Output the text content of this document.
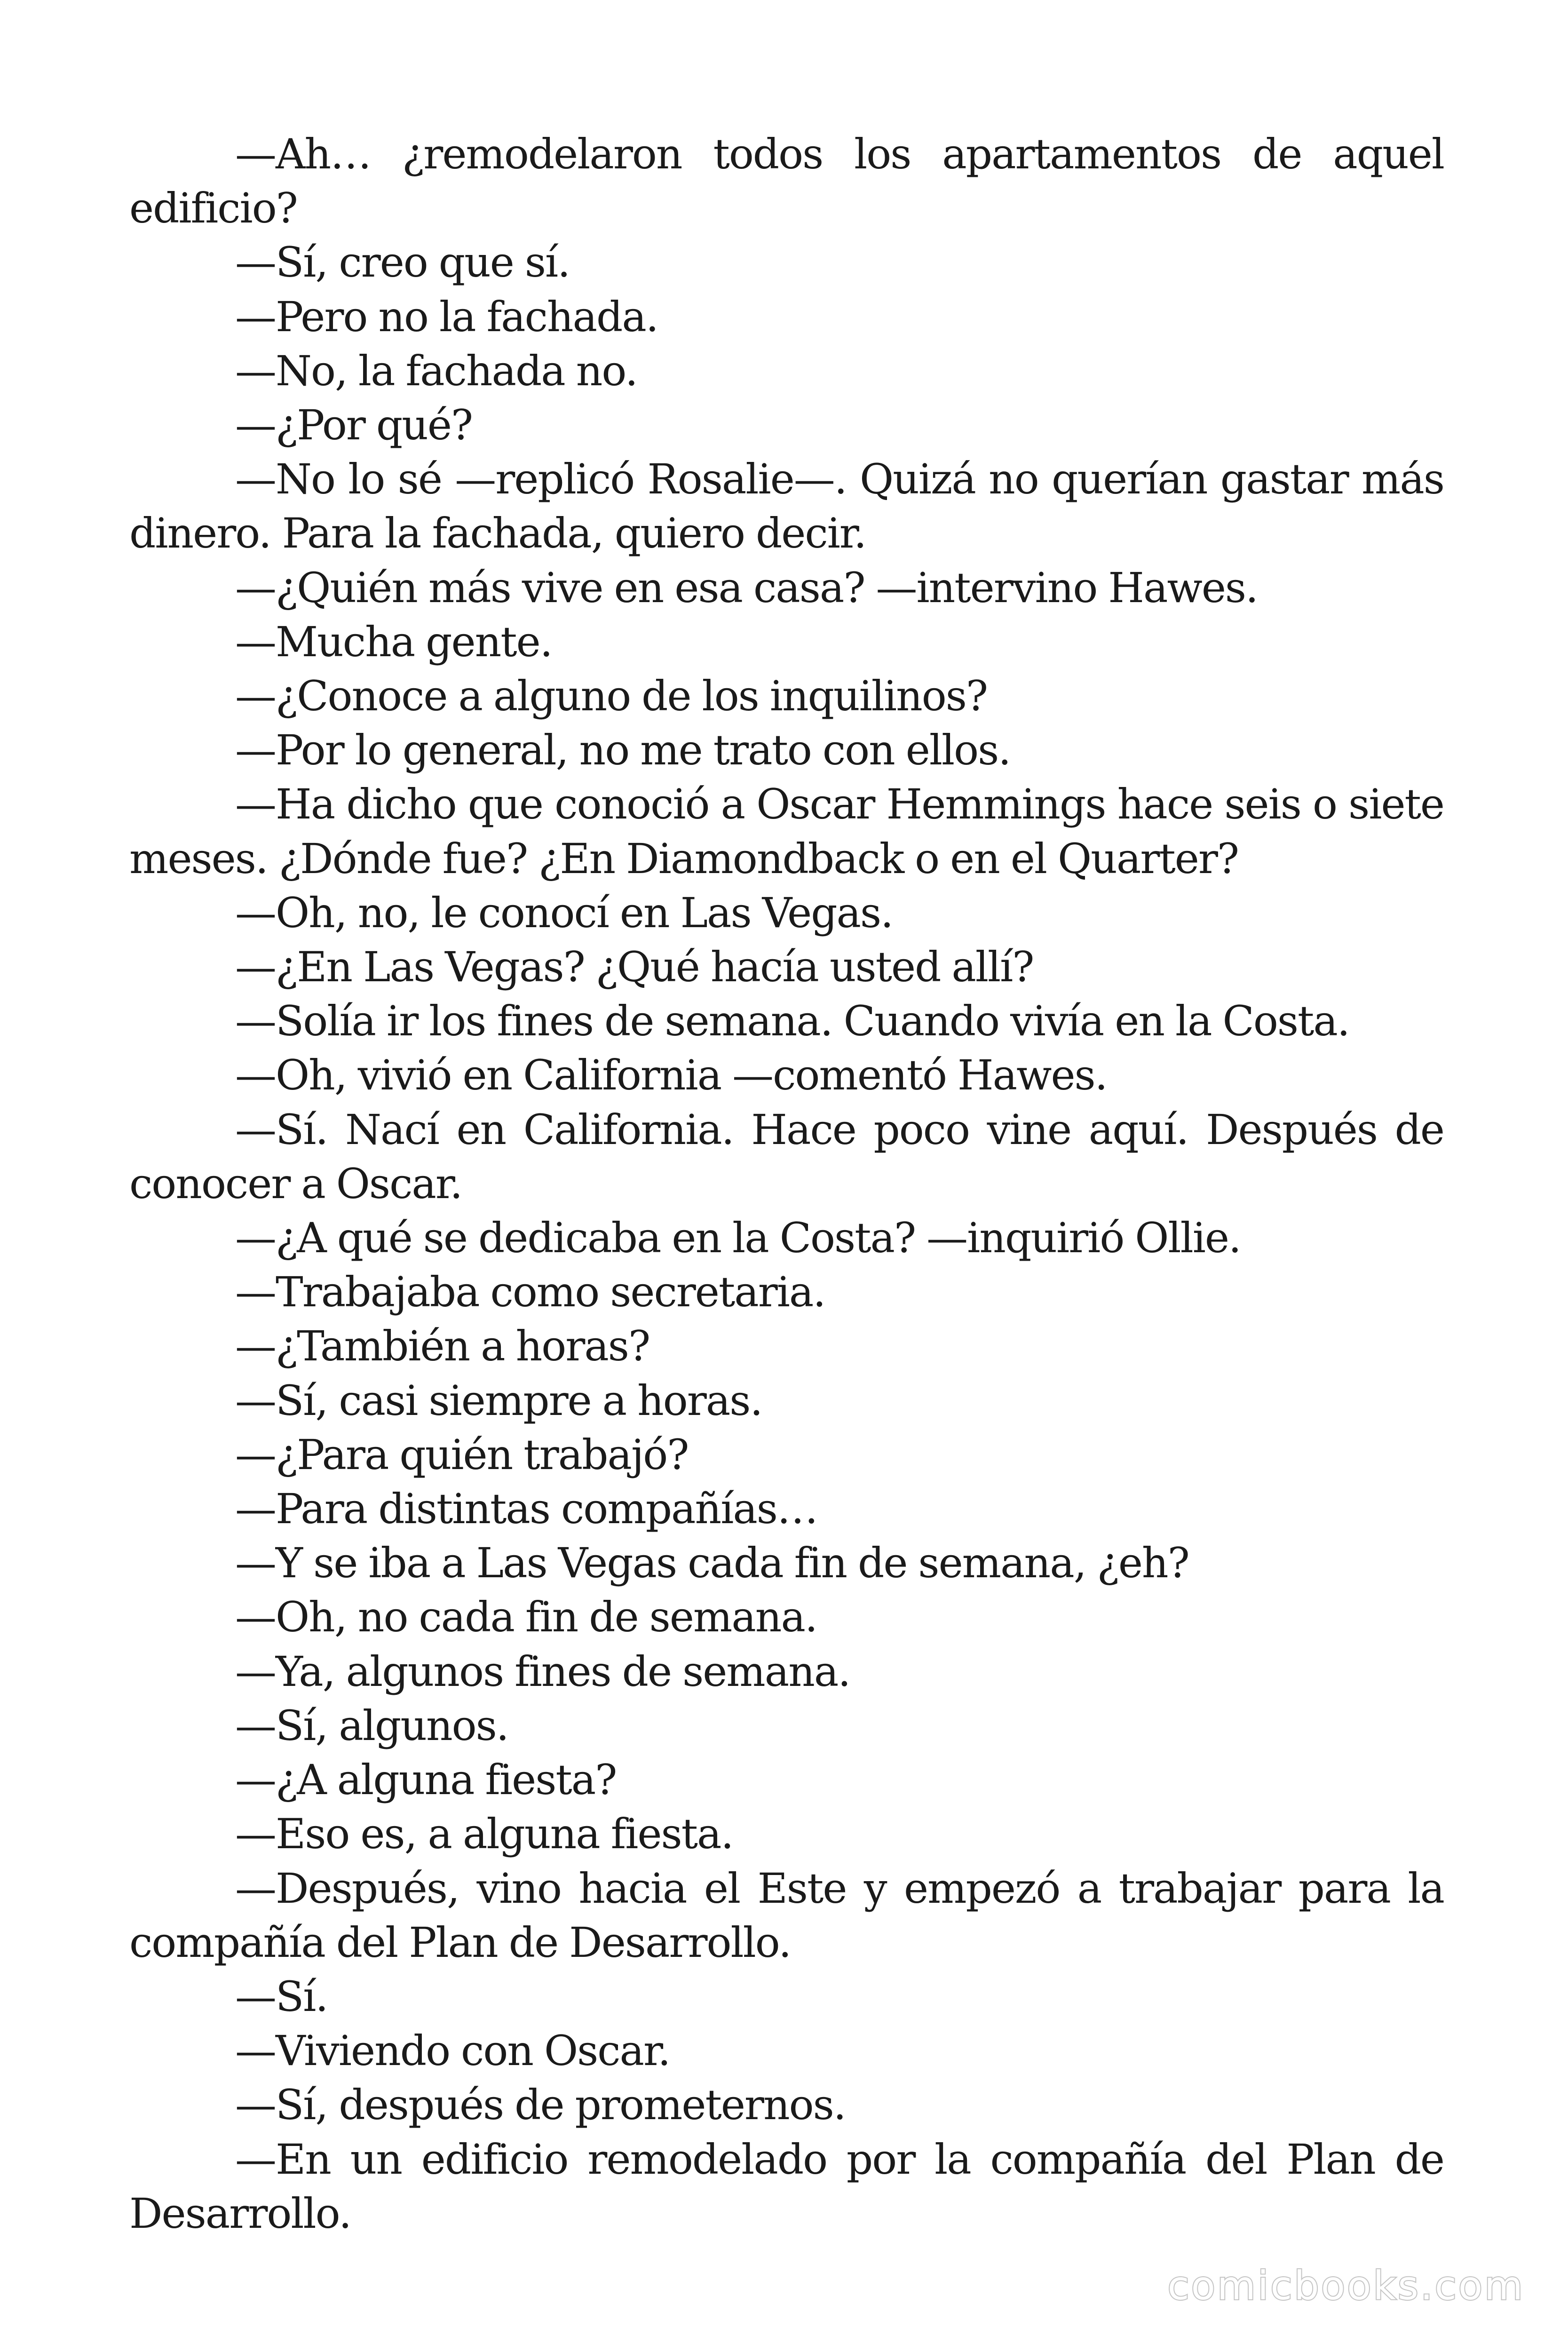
—Ah… ¿remodelaron todos los apartamentos de aquel edificio?

—Sí, creo que sí.

—Pero no la fachada.

—No, la fachada no.

—¿Por qué?

—No lo sé —replicó Rosalie—. Quizá no querían gastar más dinero. Para la fachada, quiero decir.

—¿Quién más vive en esa casa? —intervino Hawes.

—Mucha gente.

—¿Conoce a alguno de los inquilinos?

—Por lo general, no me trato con ellos.

—Ha dicho que conoció a Oscar Hemmings hace seis o siete meses. ¿Dónde fue? ¿En Diamondback o en el Quarter?

—Oh, no, le conocí en Las Vegas.

—¿En Las Vegas? ¿Qué hacía usted allí?

—Solía ir los fines de semana. Cuando vivía en la Costa.

—Oh, vivió en California —comentó Hawes.

—Sí. Nací en California. Hace poco vine aquí. Después de conocer a Oscar.

—¿A qué se dedicaba en la Costa? —inquirió Ollie.

—Trabajaba como secretaria.

—¿También a horas?

—Sí, casi siempre a horas.

—¿Para quién trabajó?

—Para distintas compañías…

—Y se iba a Las Vegas cada fin de semana, ¿eh?

—Oh, no cada fin de semana.

—Ya, algunos fines de semana.

—Sí, algunos.

—¿A alguna fiesta?

—Eso es, a alguna fiesta.

—Después, vino hacia el Este y empezó a trabajar para la compañía del Plan de Desarrollo.

—Sí.

—Viviendo con Oscar.

—Sí, después de prometernos.

—En un edificio remodelado por la compañía del Plan de Desarrollo.

comicbooks.com
